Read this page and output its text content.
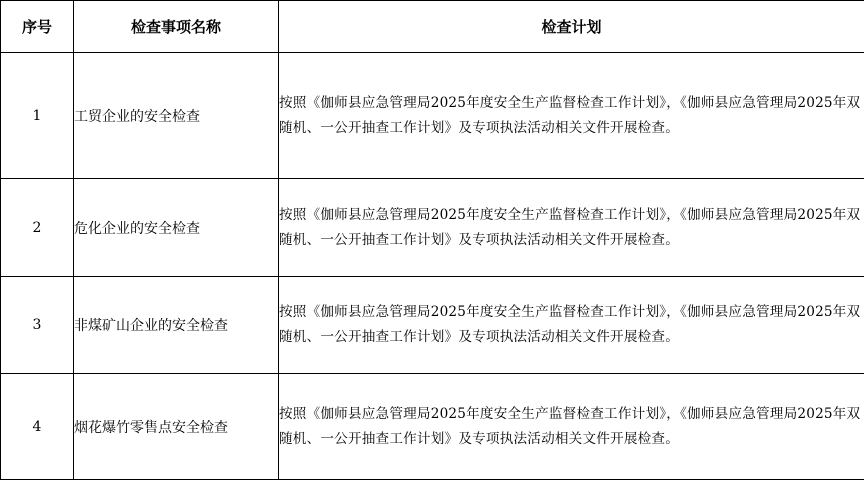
序号	检查事项名称	检查计划
1	工贸企业的安全检查	按照《伽师县应急管理局2025年度安全生产监督检查工作计划》，《伽师县应急管理局2025年双随机、一公开抽查工作计划》及专项执法活动相关文件开展检查。
2	危化企业的安全检查	按照《伽师县应急管理局2025年度安全生产监督检查工作计划》，《伽师县应急管理局2025年双随机、一公开抽查工作计划》及专项执法活动相关文件开展检查。
3	非煤矿山企业的安全检查	按照《伽师县应急管理局2025年度安全生产监督检查工作计划》，《伽师县应急管理局2025年双随机、一公开抽查工作计划》及专项执法活动相关文件开展检查。
4	烟花爆竹零售点安全检查	按照《伽师县应急管理局2025年度安全生产监督检查工作计划》，《伽师县应急管理局2025年双随机、一公开抽查工作计划》及专项执法活动相关文件开展检查。
